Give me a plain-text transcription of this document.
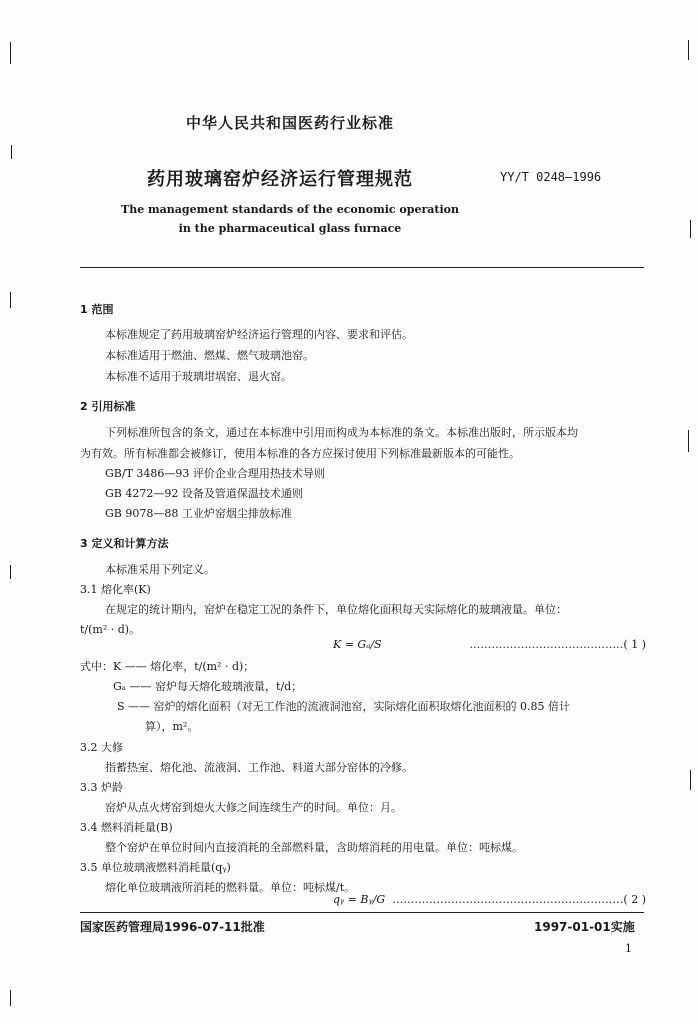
中华人民共和国医药行业标准
药用玻璃窑炉经济运行管理规范	YY/T 0248—1996
The management standards of the economic operation
in the pharmaceutical glass furnace
1 范围
本标准规定了药用玻璃窑炉经济运行管理的内容、要求和评估。
本标准适用于燃油、燃煤、燃气玻璃池窑。
本标准不适用于玻璃坩埚窑、退火窑。
2 引用标准
下列标准所包含的条文，通过在本标准中引用而构成为本标准的条文。本标准出版时，所示版本均
为有效。所有标准都会被修订，使用本标准的各方应探讨使用下列标准最新版本的可能性。
GB/T 3486—93 评价企业合理用热技术导则
GB 4272—92 设备及管道保温技术通则
GB 9078—88 工业炉窑烟尘排放标准
3 定义和计算方法
本标准采用下列定义。
3.1 熔化率(K)
在规定的统计期内，窑炉在稳定工况的条件下，单位熔化面积每天实际熔化的玻璃液量。单位：
t/(m² · d)。
K = Gₐ/S	……………………………………( 1 )
式中：K —— 熔化率，t/(m² · d)；
Gₐ —— 窑炉每天熔化玻璃液量，t/d；
S —— 窑炉的熔化面积（对无工作池的流液洞池窑，实际熔化面积取熔化池面积的 0.85 倍计
算），m²。
3.2 大修
指蓄热室、熔化池、流液洞、工作池、料道大部分窑体的冷修。
3.3 炉龄
窑炉从点火烤窑到熄火大修之间连续生产的时间。单位：月。
3.4 燃料消耗量(B)
整个窑炉在单位时间内直接消耗的全部燃料量，含助熔消耗的用电量。单位：吨标煤。
3.5 单位玻璃液燃料消耗量(qᵧ)
熔化单位玻璃液所消耗的燃料量。单位：吨标煤/t。
qᵧ = Bᵧ/G ………………………………………………………( 2 )
国家医药管理局1996-07-11批准	1997-01-01实施
1
